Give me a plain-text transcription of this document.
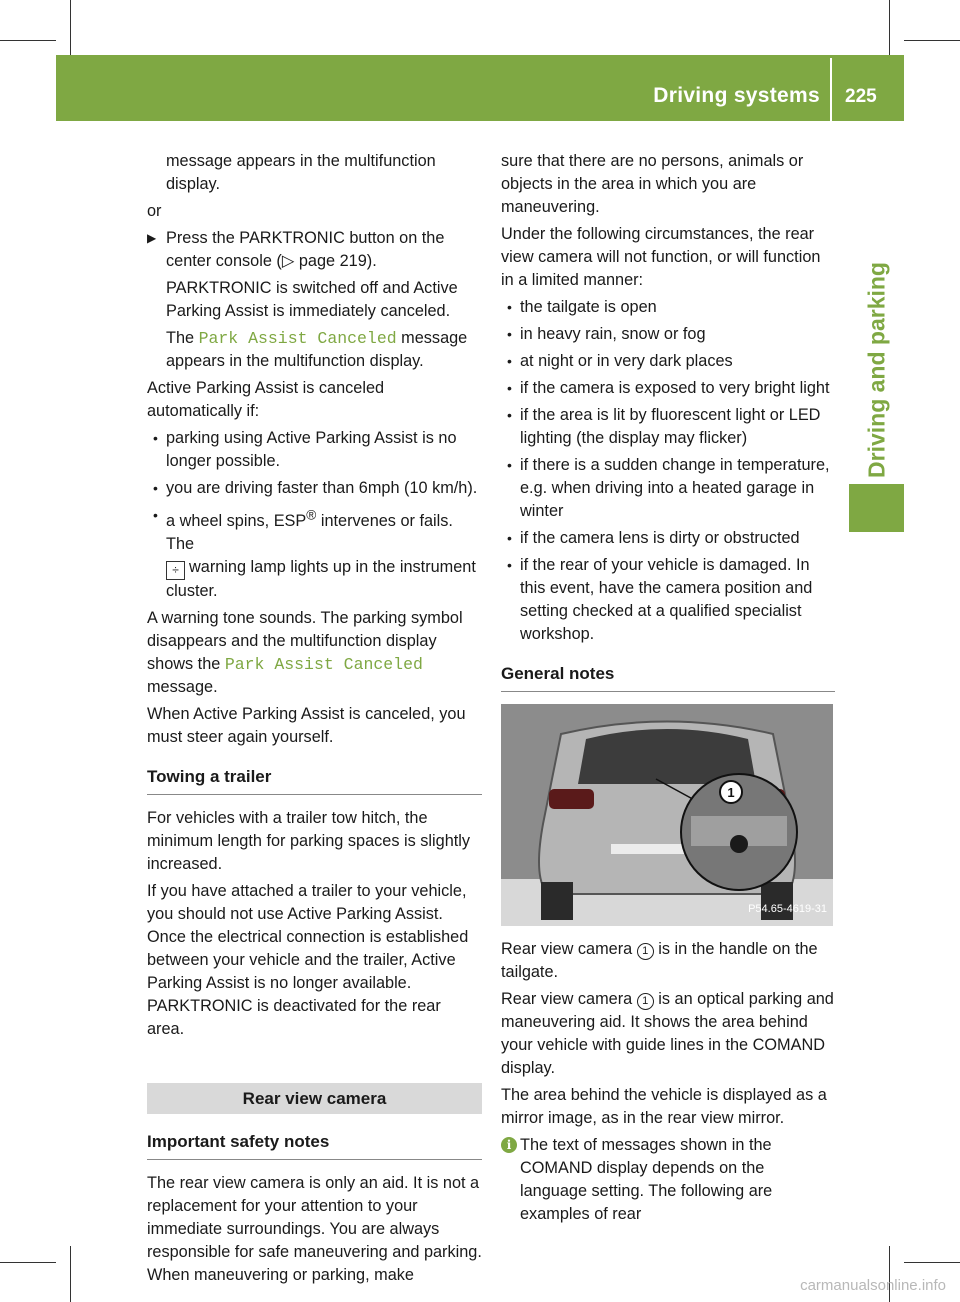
Driving systems 225
Driving and parking

message appears in the multifunction display.

or

▶ Press the PARKTRONIC button on the center console (▷ page 219).

PARKTRONIC is switched off and Active Parking Assist is immediately canceled.

The Park Assist Canceled message appears in the multifunction display.

Active Parking Assist is canceled automatically if:

• parking using Active Parking Assist is no longer possible.
• you are driving faster than 6mph (10 km/h).
• a wheel spins, ESP® intervenes or fails. The
÷ warning lamp lights up in the instrument cluster.

A warning tone sounds. The parking symbol disappears and the multifunction display shows the Park Assist Canceled message.

When Active Parking Assist is canceled, you must steer again yourself.

Towing a trailer

For vehicles with a trailer tow hitch, the minimum length for parking spaces is slightly increased.

If you have attached a trailer to your vehicle, you should not use Active Parking Assist. Once the electrical connection is established between your vehicle and the trailer, Active Parking Assist is no longer available. PARKTRONIC is deactivated for the rear area.

Rear view camera
Important safety notes

The rear view camera is only an aid. It is not a replacement for your attention to your immediate surroundings. You are always responsible for safe maneuvering and parking. When maneuvering or parking, make

sure that there are no persons, animals or objects in the area in which you are maneuvering.

Under the following circumstances, the rear view camera will not function, or will function in a limited manner:

• the tailgate is open
• in heavy rain, snow or fog
• at night or in very dark places
• if the camera is exposed to very bright light
• if the area is lit by fluorescent light or LED lighting (the display may flicker)
• if there is a sudden change in temperature, e.g. when driving into a heated garage in winter
• if the camera lens is dirty or obstructed
• if the rear of your vehicle is damaged. In this event, have the camera position and setting checked at a qualified specialist workshop.
General notes
1
P54.65-4619-31

Rear view camera 1 is in the handle on the tailgate.

Rear view camera 1 is an optical parking and maneuvering aid. It shows the area behind your vehicle with guide lines in the COMAND display.

The area behind the vehicle is displayed as a mirror image, as in the rear view mirror.

i The text of messages shown in the COMAND display depends on the language setting. The following are examples of rear
carmanualsonline.info
